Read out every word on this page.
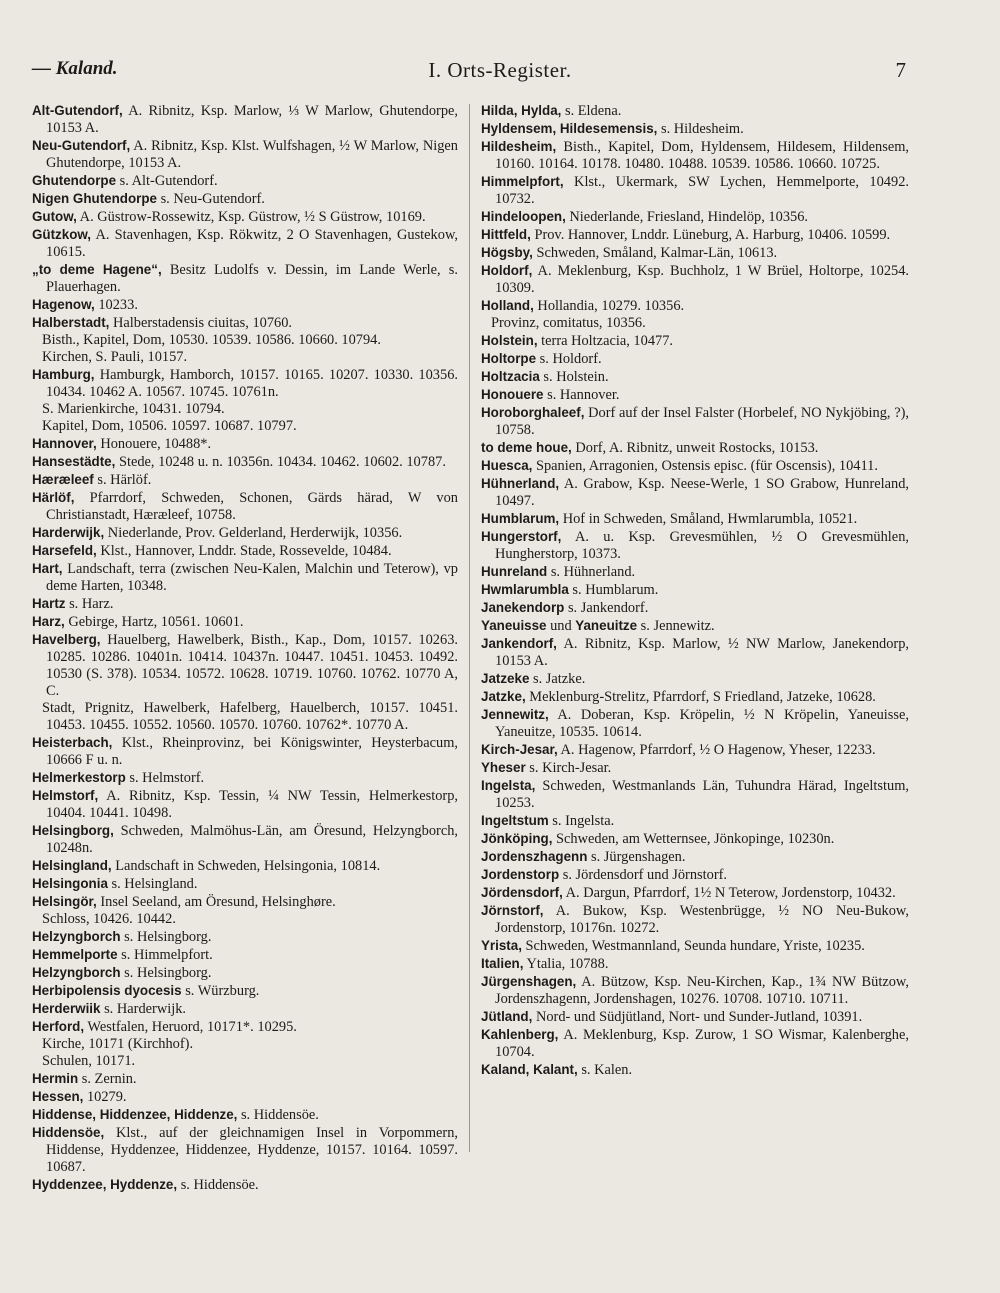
— Kaland.	I. Orts-Register.	7
Alt-Gutendorf, A. Ribnitz, Ksp. Marlow, ⅓ W Marlow, Ghutendorpe, 10153 A.
Neu-Gutendorf, A. Ribnitz, Ksp. Klst. Wulfshagen, ½ W Marlow, Nigen Ghutendorpe, 10153 A.
Ghutendorpe s. Alt-Gutendorf.
Nigen Ghutendorpe s. Neu-Gutendorf.
Gutow, A. Güstrow-Rossewitz, Ksp. Güstrow, ½ S Güstrow, 10169.
Gützkow, A. Stavenhagen, Ksp. Rökwitz, 2 O Stavenhagen, Gustekow, 10615.
„to deme Hagene“, Besitz Ludolfs v. Dessin, im Lande Werle, s. Plauerhagen.
Hagenow, 10233.
Halberstadt, Halberstadensis ciuitas, 10760.
Bisth., Kapitel, Dom, 10530. 10539. 10586. 10660. 10794.
Kirchen, S. Pauli, 10157.
Hamburg, Hamburgk, Hamborch, 10157. 10165. 10207. 10330. 10356. 10434. 10462 A. 10567. 10745. 10761n.
S. Marienkirche, 10431. 10794.
Kapitel, Dom, 10506. 10597. 10687. 10797.
Hannover, Honouere, 10488*.
Hansestädte, Stede, 10248 u. n. 10356n. 10434. 10462. 10602. 10787.
Hæræleef s. Härlöf.
Härlöf, Pfarrdorf, Schweden, Schonen, Gärds härad, W von Christianstadt, Hæræleef, 10758.
Harderwijk, Niederlande, Prov. Gelderland, Herderwijk, 10356.
Harsefeld, Klst., Hannover, Lnddr. Stade, Rossevelde, 10484.
Hart, Landschaft, terra (zwischen Neu-Kalen, Malchin und Teterow), vp deme Harten, 10348.
Hartz s. Harz.
Harz, Gebirge, Hartz, 10561. 10601.
Havelberg, Hauelberg, Hawelberk, Bisth., Kap., Dom, 10157. 10263. 10285. 10286. 10401n. 10414. 10437n. 10447. 10451. 10453. 10492. 10530 (S. 378). 10534. 10572. 10628. 10719. 10760. 10762. 10770 A, C.
Stadt, Prignitz, Hawelberk, Hafelberg, Hauelberch, 10157. 10451. 10453. 10455. 10552. 10560. 10570. 10760. 10762*. 10770 A.
Heisterbach, Klst., Rheinprovinz, bei Königswinter, Heysterbacum, 10666 F u. n.
Helmerkestorp s. Helmstorf.
Helmstorf, A. Ribnitz, Ksp. Tessin, ¼ NW Tessin, Helmerkestorp, 10404. 10441. 10498.
Helsingborg, Schweden, Malmöhus-Län, am Öresund, Helzyngborch, 10248n.
Helsingland, Landschaft in Schweden, Helsingonia, 10814.
Helsingonia s. Helsingland.
Helsingör, Insel Seeland, am Öresund, Helsinghøre.
Schloss, 10426. 10442.
Helzyngborch s. Helsingborg.
Hemmelporte s. Himmelpfort.
Helzyngborch s. Helsingborg.
Herbipolensis dyocesis s. Würzburg.
Herderwiik s. Harderwijk.
Herford, Westfalen, Heruord, 10171*. 10295.
Kirche, 10171 (Kirchhof).
Schulen, 10171.
Hermin s. Zernin.
Hessen, 10279.
Hiddense, Hiddenzee, Hiddenze, s. Hiddensöe.
Hiddensöe, Klst., auf der gleichnamigen Insel in Vorpommern, Hiddense, Hyddenzee, Hiddenzee, Hyddenze, 10157. 10164. 10597. 10687.
Hyddenzee, Hyddenze, s. Hiddensöe.
Hilda, Hylda, s. Eldena.
Hyldensem, Hildesemensis, s. Hildesheim.
Hildesheim, Bisth., Kapitel, Dom, Hyldensem, Hildesem, Hildensem, 10160. 10164. 10178. 10480. 10488. 10539. 10586. 10660. 10725.
Himmelpfort, Klst., Ukermark, SW Lychen, Hemmelporte, 10492. 10732.
Hindeloopen, Niederlande, Friesland, Hindelöp, 10356.
Hittfeld, Prov. Hannover, Lnddr. Lüneburg, A. Harburg, 10406. 10599.
Högsby, Schweden, Småland, Kalmar-Län, 10613.
Holdorf, A. Meklenburg, Ksp. Buchholz, 1 W Brüel, Holtorpe, 10254. 10309.
Holland, Hollandia, 10279. 10356.
Provinz, comitatus, 10356.
Holstein, terra Holtzacia, 10477.
Holtorpe s. Holdorf.
Holtzacia s. Holstein.
Honouere s. Hannover.
Horoborghaleef, Dorf auf der Insel Falster (Horbelef, NO Nykjöbing, ?), 10758.
to deme houe, Dorf, A. Ribnitz, unweit Rostocks, 10153.
Huesca, Spanien, Arragonien, Ostensis episc. (für Oscensis), 10411.
Hühnerland, A. Grabow, Ksp. Neese-Werle, 1 SO Grabow, Hunreland, 10497.
Humblarum, Hof in Schweden, Småland, Hwmlarumbla, 10521.
Hungerstorf, A. u. Ksp. Grevesmühlen, ½ O Grevesmühlen, Hungherstorp, 10373.
Hunreland s. Hühnerland.
Hwmlarumbla s. Humblarum.
Janekendorp s. Jankendorf.
Yaneuisse und Yaneuitze s. Jennewitz.
Jankendorf, A. Ribnitz, Ksp. Marlow, ½ NW Marlow, Janekendorp, 10153 A.
Jatzeke s. Jatzke.
Jatzke, Meklenburg-Strelitz, Pfarrdorf, S Friedland, Jatzeke, 10628.
Jennewitz, A. Doberan, Ksp. Kröpelin, ½ N Kröpelin, Yaneuisse, Yaneuitze, 10535. 10614.
Kirch-Jesar, A. Hagenow, Pfarrdorf, ½ O Hagenow, Yheser, 12233.
Yheser s. Kirch-Jesar.
Ingelsta, Schweden, Westmanlands Län, Tuhundra Härad, Ingeltstum, 10253.
Ingeltstum s. Ingelsta.
Jönköping, Schweden, am Wetternsee, Jönkopinge, 10230n.
Jordenszhagenn s. Jürgenshagen.
Jordenstorp s. Jördensdorf und Jörnstorf.
Jördensdorf, A. Dargun, Pfarrdorf, 1½ N Teterow, Jordenstorp, 10432.
Jörnstorf, A. Bukow, Ksp. Westenbrügge, ½ NO Neu-Bukow, Jordenstorp, 10176n. 10272.
Yrista, Schweden, Westmannland, Seunda hundare, Yriste, 10235.
Italien, Ytalia, 10788.
Jürgenshagen, A. Bützow, Ksp. Neu-Kirchen, Kap., 1¾ NW Bützow, Jordenszhagenn, Jordenshagen, 10276. 10708. 10710. 10711.
Jütland, Nord- und Südjütland, Nort- und Sunder-Jutland, 10391.
Kahlenberg, A. Meklenburg, Ksp. Zurow, 1 SO Wismar, Kalenberghe, 10704.
Kaland, Kalant, s. Kalen.
